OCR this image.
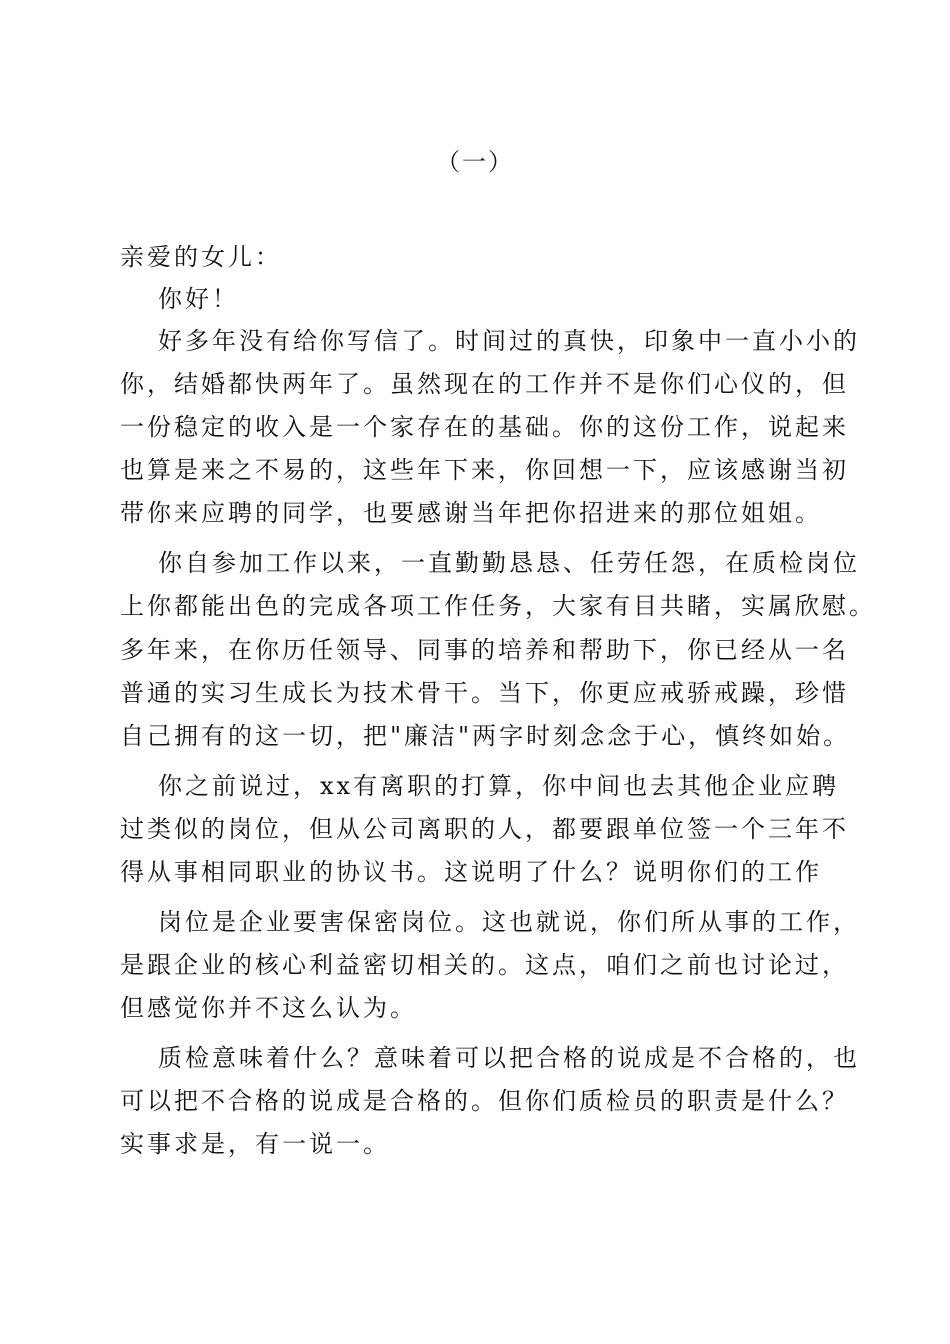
（一）
亲爱的女儿：
你好！
好多年没有给你写信了。时间过的真快，印象中一直小小的
你，结婚都快两年了。虽然现在的工作并不是你们心仪的，但
一份稳定的收入是一个家存在的基础。你的这份工作，说起来
也算是来之不易的，这些年下来，你回想一下，应该感谢当初
带你来应聘的同学，也要感谢当年把你招进来的那位姐姐。
你自参加工作以来，一直勤勤恳恳、任劳任怨，在质检岗位
上你都能出色的完成各项工作任务，大家有目共睹，实属欣慰。
多年来，在你历任领导、同事的培养和帮助下，你已经从一名
普通的实习生成长为技术骨干。当下，你更应戒骄戒躁，珍惜
自己拥有的这一切，把"廉洁"两字时刻念念于心，慎终如始。
你之前说过，xx有离职的打算，你中间也去其他企业应聘
过类似的岗位，但从公司离职的人，都要跟单位签一个三年不
得从事相同职业的协议书。这说明了什么？说明你们的工作
岗位是企业要害保密岗位。这也就说，你们所从事的工作，
是跟企业的核心利益密切相关的。这点，咱们之前也讨论过，
但感觉你并不这么认为。
质检意味着什么？意味着可以把合格的说成是不合格的，也
可以把不合格的说成是合格的。但你们质检员的职责是什么？
实事求是，有一说一。
